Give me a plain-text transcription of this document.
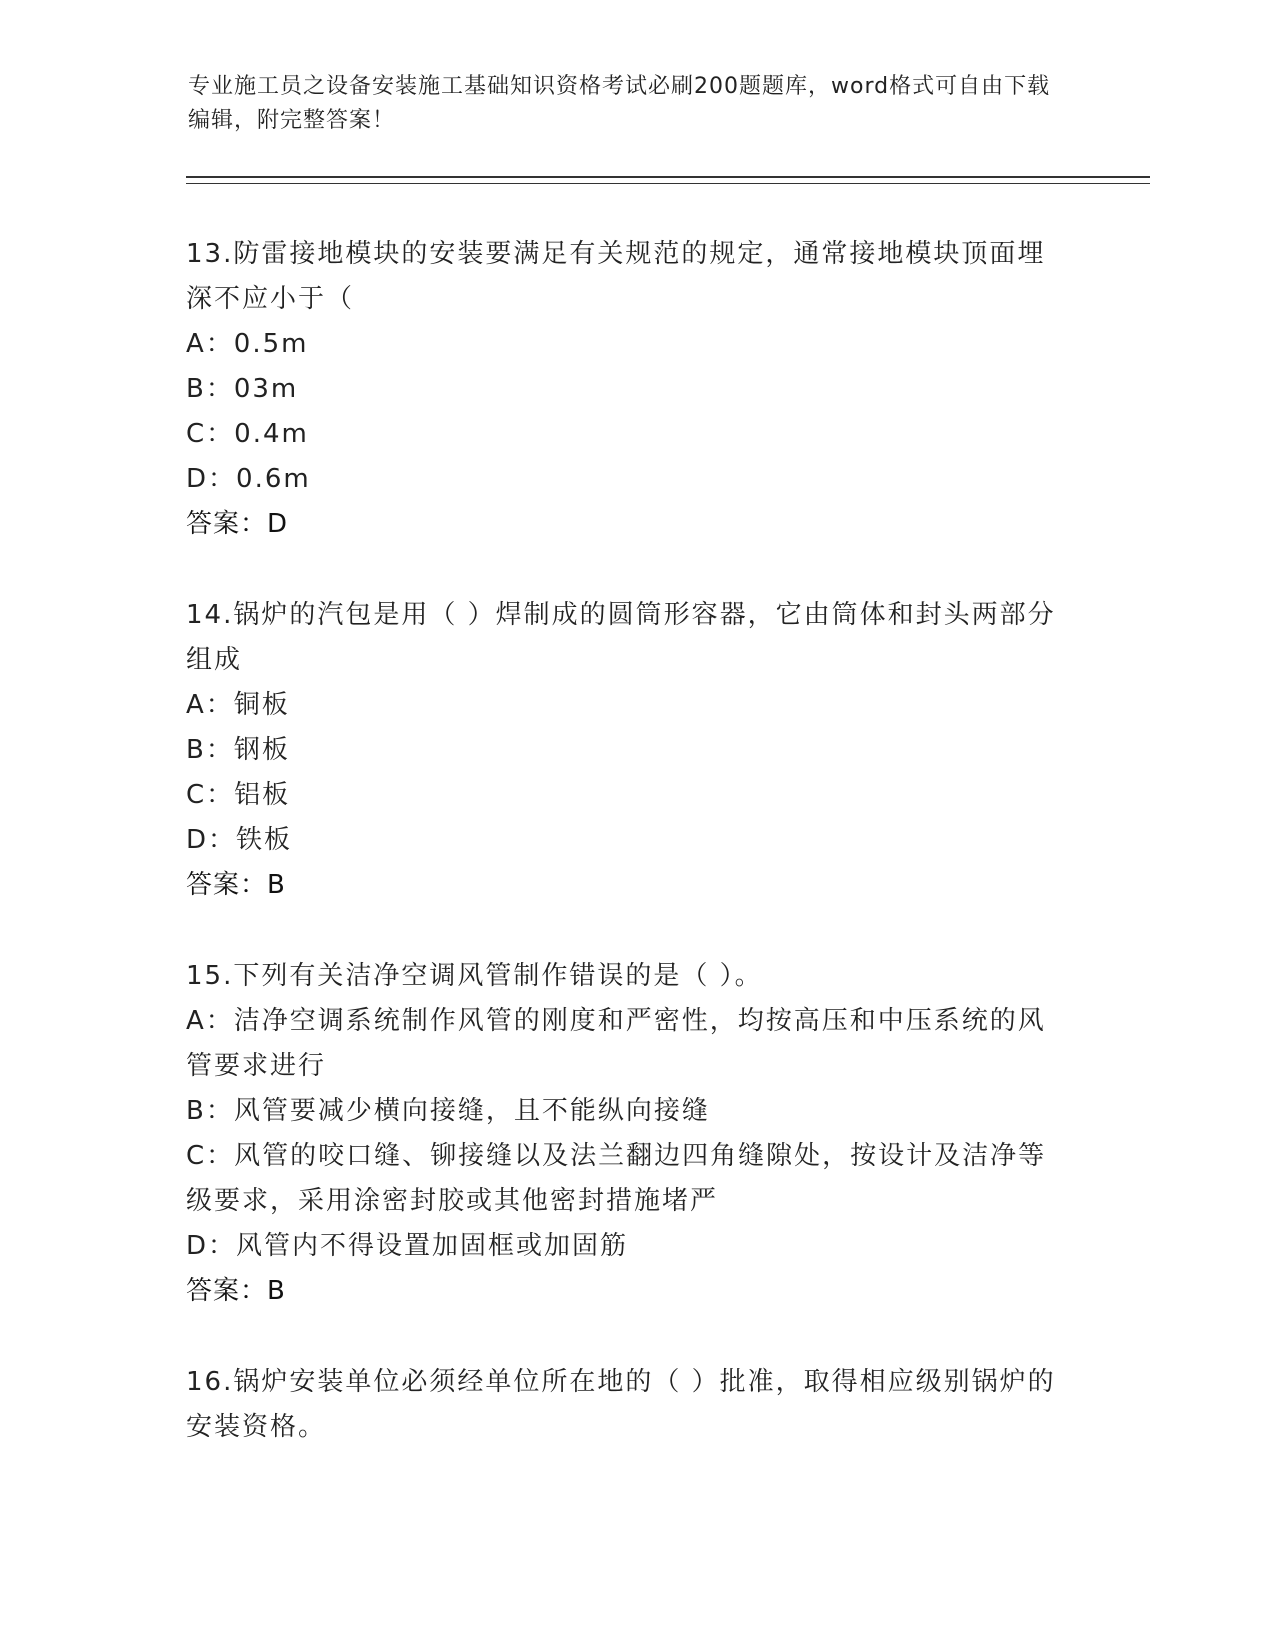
专业施工员之设备安装施工基础知识资格考试必刷200题题库，word格式可自由下载编辑，附完整答案！
13.防雷接地模块的安装要满足有关规范的规定，通常接地模块顶面埋深不应小于（
A：0.5m
B：03m
C：0.4m
D：0.6m
答案：D
14.锅炉的汽包是用（ ）焊制成的圆筒形容器，它由筒体和封头两部分组成
A：铜板
B：钢板
C：铝板
D：铁板
答案：B
15.下列有关洁净空调风管制作错误的是（ ）。
A：洁净空调系统制作风管的刚度和严密性，均按高压和中压系统的风管要求进行
B：风管要减少横向接缝，且不能纵向接缝
C：风管的咬口缝、铆接缝以及法兰翻边四角缝隙处，按设计及洁净等级要求，采用涂密封胶或其他密封措施堵严
D：风管内不得设置加固框或加固筋
答案：B
16.锅炉安装单位必须经单位所在地的（ ）批准，取得相应级别锅炉的安装资格。
